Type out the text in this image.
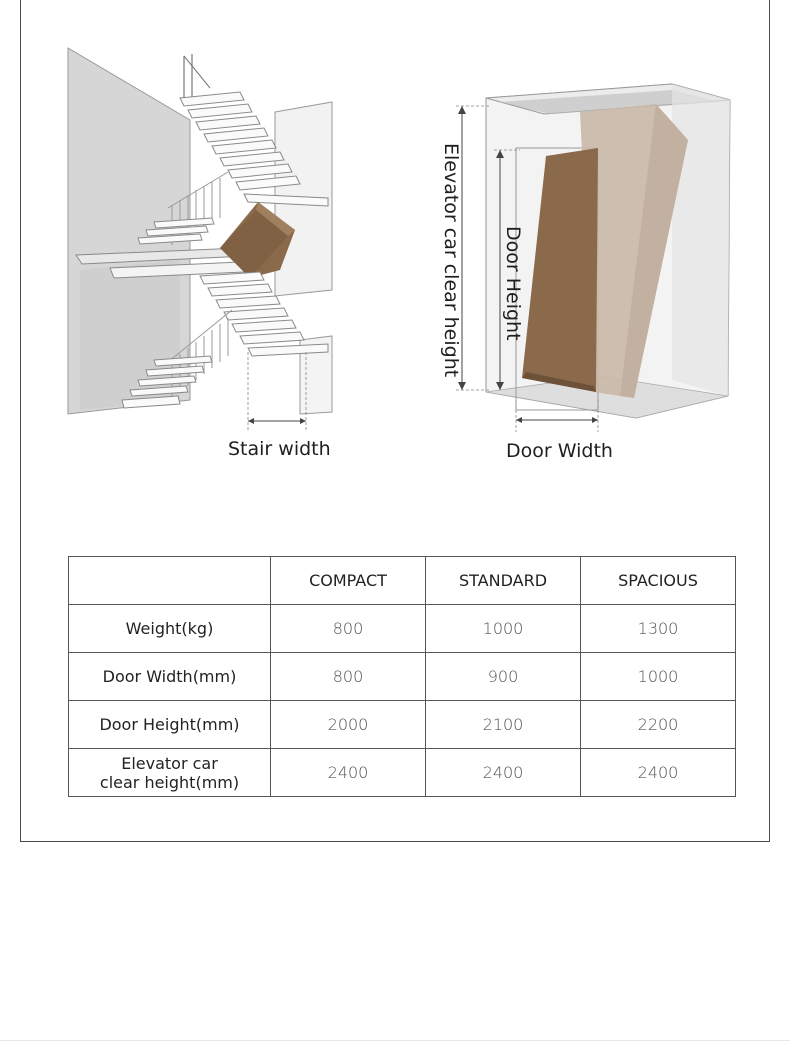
Stair width	Door Width
Elevator car clear height Door Height
	COMPACT	STANDARD	SPACIOUS
Weight(kg)	800	1000	1300
Door Width(mm)	800	900	1000
Door Height(mm)	2000	2100	2200
Elevator car
clear height(mm)	2400	2400	2400
